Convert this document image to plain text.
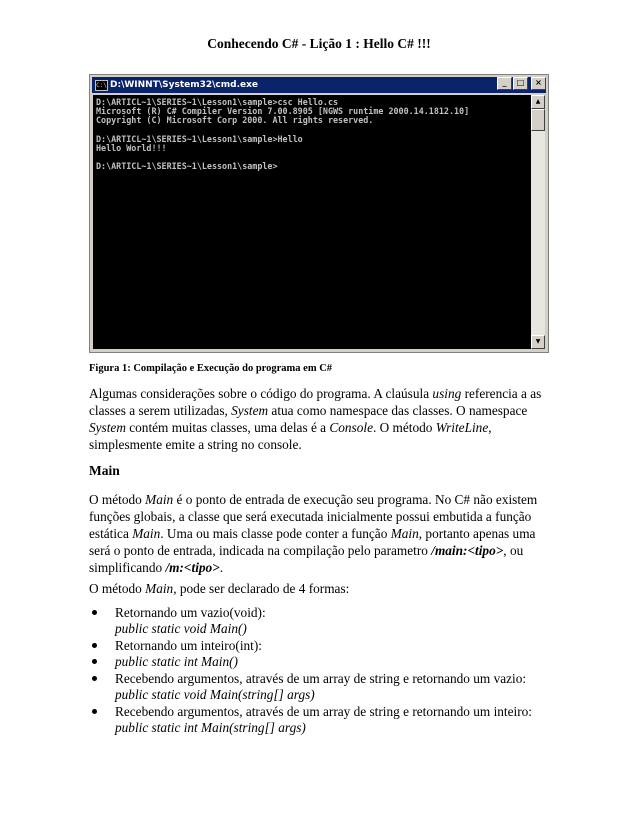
Conhecendo C# - Lição 1 : Hello C# !!!
C:\ D:\WINNT\System32\cmd.exe	_	□	×
D:\ARTICL~1\SERIES~1\Lesson1\sample>csc Hello.cs
Microsoft (R) C# Compiler Version 7.00.8905 [NGWS runtime 2000.14.1812.10]
Copyright (C) Microsoft Corp 2000. All rights reserved.
D:\ARTICL~1\SERIES~1\Lesson1\sample>Hello
Hello World!!!
D:\ARTICL~1\SERIES~1\Lesson1\sample>
▲
▼
Figura 1: Compilação e Execução do programa em C#

Algumas considerações sobre o código do programa. A claúsula using referencia a as classes a serem utilizadas, System atua como namespace das classes. O namespace System contém muitas classes, uma delas é a Console. O método WriteLine, simplesmente emite a string no console.

Main

O método Main é o ponto de entrada de execução seu programa. No C# não existem funções globais, a classe que será executada inicialmente possui embutida a função estática Main. Uma ou mais classe pode conter a função Main, portanto apenas uma será o ponto de entrada, indicada na compilação pelo parametro /main:<tipo>, ou simplificando /m:<tipo>.

O método Main, pode ser declarado de 4 formas:

Retornando um vazio(void):
public static void Main()
Retornando um inteiro(int):
public static int Main()
Recebendo argumentos, através de um array de string e retornando um vazio:
public static void Main(string[] args)
Recebendo argumentos, através de um array de string e retornando um inteiro:
public static int Main(string[] args)
